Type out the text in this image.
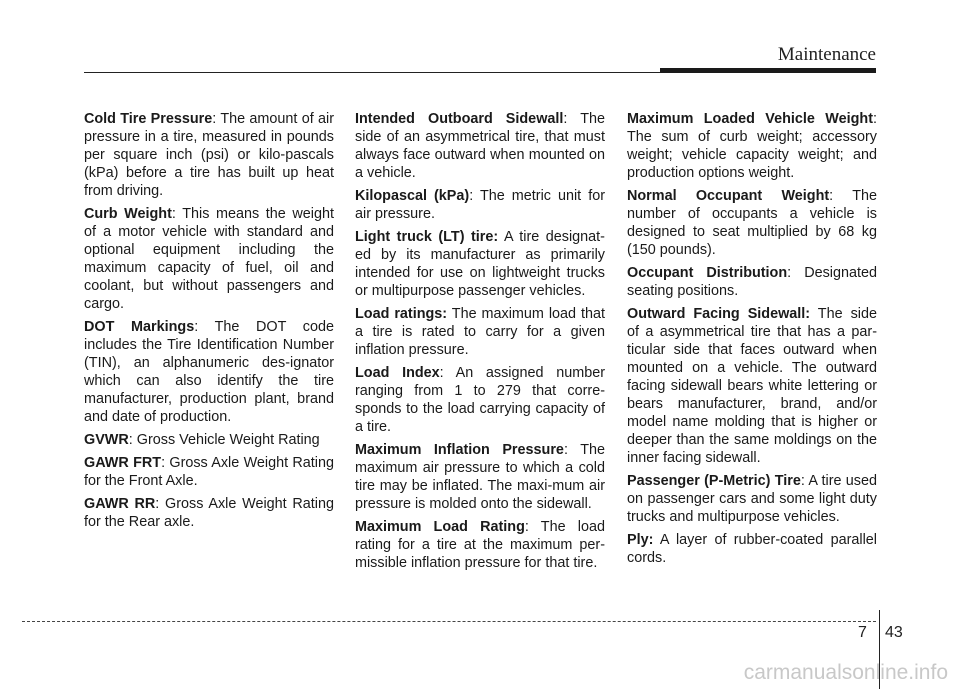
Maintenance

Cold Tire Pressure: The amount of air pressure in a tire, measured in pounds per square inch (psi) or kilo-pascals (kPa) before a tire has built up heat from driving.

Curb Weight: This means the weight of a motor vehicle with standard and optional equipment including the maximum capacity of fuel, oil and coolant, but without passengers and cargo.

DOT Markings: The DOT code includes the Tire Identification Number (TIN), an alphanumeric des-ignator which can also identify the tire manufacturer, production plant, brand and date of production.

GVWR: Gross Vehicle Weight Rating

GAWR FRT: Gross Axle Weight Rating for the Front Axle.

GAWR RR: Gross Axle Weight Rating for the Rear axle.

Intended Outboard Sidewall: The side of an asymmetrical tire, that must always face outward when mounted on a vehicle.

Kilopascal (kPa): The metric unit for air pressure.

Light truck (LT) tire: A tire designat-ed by its manufacturer as primarily intended for use on lightweight trucks or multipurpose passenger vehicles.

Load ratings: The maximum load that a tire is rated to carry for a given inflation pressure.

Load Index: An assigned number ranging from 1 to 279 that corre-sponds to the load carrying capacity of a tire.

Maximum Inflation Pressure: The maximum air pressure to which a cold tire may be inflated. The maxi-mum air pressure is molded onto the sidewall.

Maximum Load Rating: The load rating for a tire at the maximum per-missible inflation pressure for that tire.

Maximum Loaded Vehicle Weight: The sum of curb weight; accessory weight; vehicle capacity weight; and production options weight.

Normal Occupant Weight: The number of occupants a vehicle is designed to seat multiplied by 68 kg (150 pounds).

Occupant Distribution: Designated seating positions.

Outward Facing Sidewall: The side of a asymmetrical tire that has a par-ticular side that faces outward when mounted on a vehicle. The outward facing sidewall bears white lettering or bears manufacturer, brand, and/or model name molding that is higher or deeper than the same moldings on the inner facing sidewall.

Passenger (P-Metric) Tire: A tire used on passenger cars and some light duty trucks and multipurpose vehicles.

Ply: A layer of rubber-coated parallel cords.

7 43
carmanualsonline.info
